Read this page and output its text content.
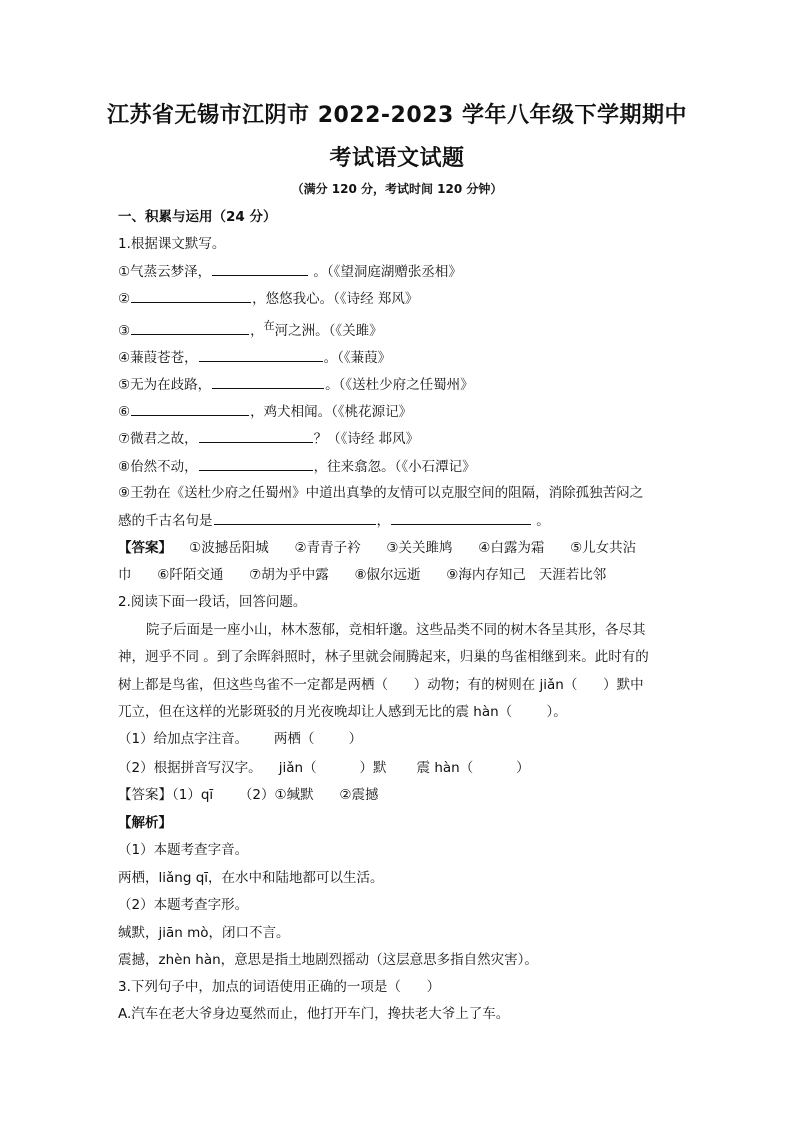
江苏省无锡市江阴市 2022-2023 学年八年级下学期期中
考试语文试题
（满分 120 分，考试时间 120 分钟）
一、积累与运用（24 分）
1.根据课文默写。
①气蒸云梦泽，	。（《望洞庭湖赠张丞相》
②	，悠悠我心。（《诗经 郑风》
③	，$^在$河之洲。（《关雎》
④蒹葭苍苍，	。（《蒹葭》
⑤无为在歧路，	。（《送杜少府之任蜀州》
⑥	，鸡犬相闻。（《桃花源记》
⑦微君之故，	？（《诗经 邶风》
⑧佁然不动，	，往来翕忽。（《小石潭记》
⑨王勃在《送杜少府之任蜀州》中道出真挚的友情可以克服空间的阻隔，消除孤独苦闷之
感的千古名句是	，	。
【答案】 ①波撼岳阳城      ②青青子衿      ③关关雎鸠      ④白露为霜      ⑤儿女共沾
巾      ⑥阡陌交通      ⑦胡为乎中露      ⑧俶尔远逝      ⑨海内存知己   天涯若比邻
2.阅读下面一段话，回答问题。
院子后面是一座小山，林木葱郁，竞相轩邈。这些品类不同的树木各呈其形，各尽其
神，迥乎不同 。到了余晖斜照时，林子里就会闹腾起来，归巢的鸟雀相继到来。此时有的
树上都是鸟雀，但这些鸟雀不一定都是两栖（      ）动物；有的树则在 jiǎn（      ）默中
兀立，但在这样的光影斑驳的月光夜晚却让人感到无比的震 hàn（        ）。
（1）给加点字注音。      两栖（        ）
（2）根据拼音写汉字。    jiǎn（          ）默       震 hàn（          ）
【答案】（1）qī      （2）①缄默      ②震撼
【解析】
（1）本题考查字音。
两栖，liǎng qī，在水中和陆地都可以生活。
（2）本题考查字形。
缄默，jiān mò，闭口不言。
震撼，zhèn hàn，意思是指土地剧烈摇动（这层意思多指自然灾害）。
3.下列句子中，加点的词语使用正确的一项是（      ）
A.汽车在老大爷身边戛然而止，他打开车门，搀扶老大爷上了车。
